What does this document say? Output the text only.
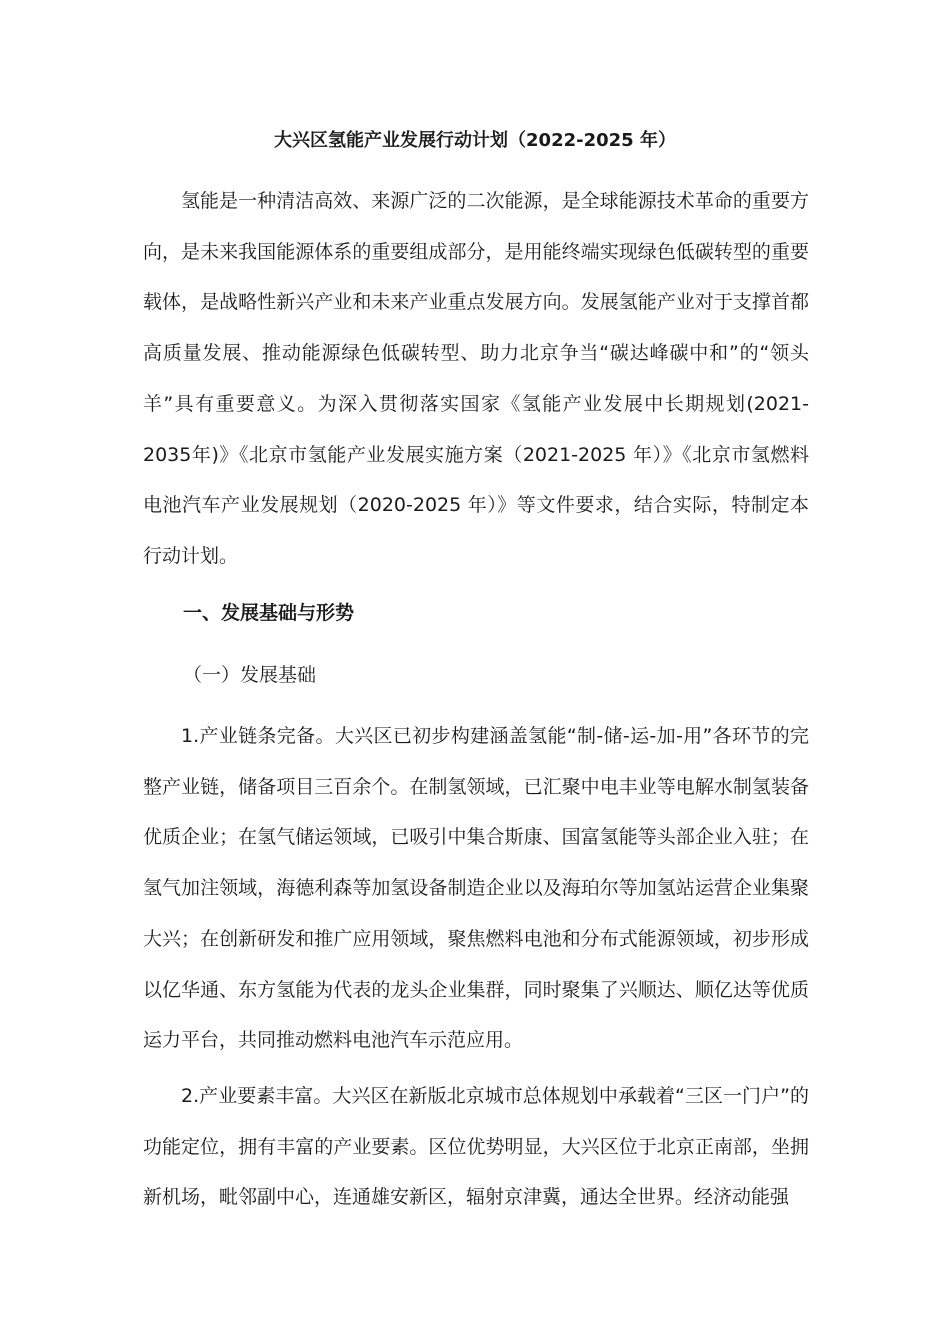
大兴区氢能产业发展行动计划（2022-2025 年）

氢能是一种清洁高效、来源广泛的二次能源，是全球能源技术革命的重要方向，是未来我国能源体系的重要组成部分，是用能终端实现绿色低碳转型的重要载体，是战略性新兴产业和未来产业重点发展方向。发展氢能产业对于支撑首都高质量发展、推动能源绿色低碳转型、助力北京争当“碳达峰碳中和”的“领头羊”具有重要意义。为深入贯彻落实国家《氢能产业发展中长期规划(2021-2035年)》《北京市氢能产业发展实施方案（2021-2025 年）》《北京市氢燃料电池汽车产业发展规划（2020-2025 年）》等文件要求，结合实际，特制定本行动计划。

一、发展基础与形势
（一）发展基础

1.产业链条完备。大兴区已初步构建涵盖氢能“制-储-运-加-用”各环节的完整产业链，储备项目三百余个。在制氢领域，已汇聚中电丰业等电解水制氢装备优质企业；在氢气储运领域，已吸引中集合斯康、国富氢能等头部企业入驻；在氢气加注领域，海德利森等加氢设备制造企业以及海珀尔等加氢站运营企业集聚大兴；在创新研发和推广应用领域，聚焦燃料电池和分布式能源领域，初步形成以亿华通、东方氢能为代表的龙头企业集群，同时聚集了兴顺达、顺亿达等优质运力平台，共同推动燃料电池汽车示范应用。

2.产业要素丰富。大兴区在新版北京城市总体规划中承载着“三区一门户”的功能定位，拥有丰富的产业要素。区位优势明显，大兴区位于北京正南部，坐拥新机场，毗邻副中心，连通雄安新区，辐射京津冀，通达全世界。经济动能强
